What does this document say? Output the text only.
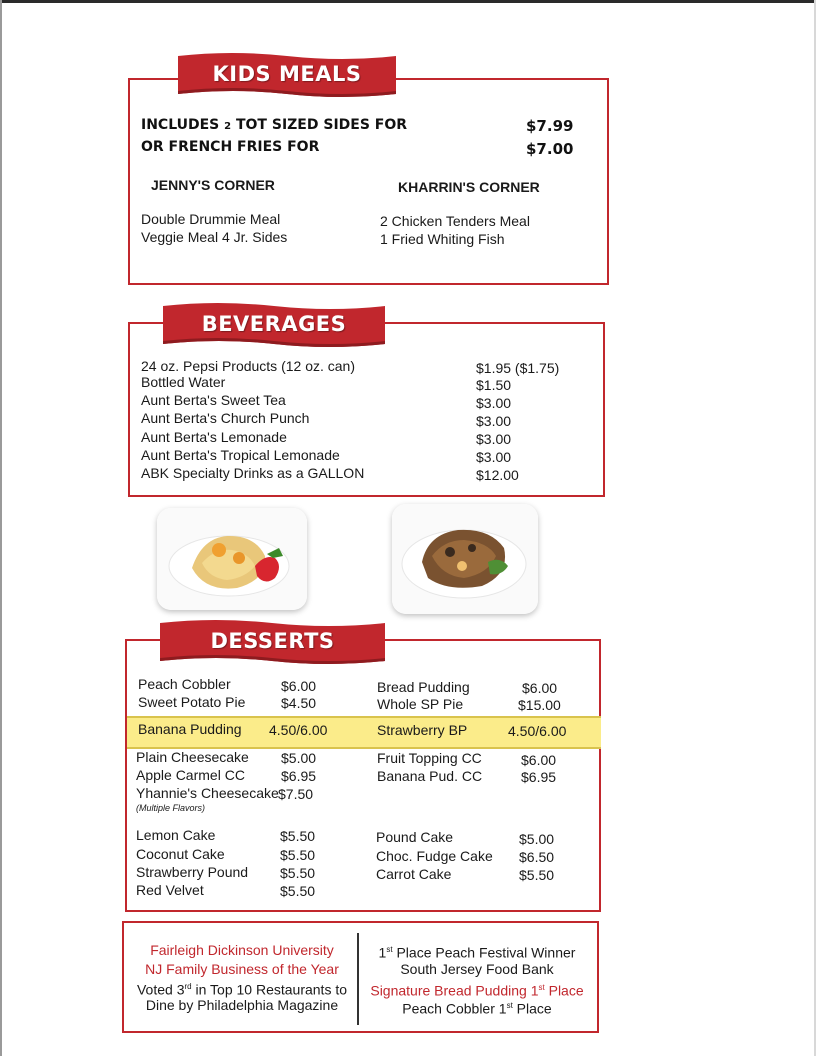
KIDS MEALS
INCLUDES 2 TOT SIZED SIDES FOR	$7.99
OR FRENCH FRIES FOR	$7.00
JENNY'S CORNER	KHARRIN'S CORNER
Double Drummie Meal
Veggie Meal 4 Jr. Sides
2 Chicken Tenders Meal
1 Fried Whiting Fish
BEVERAGES
24 oz. Pepsi Products (12 oz. can)	$1.95 ($1.75)
Bottled Water	$1.50
Aunt Berta's Sweet Tea	$3.00
Aunt Berta's Church Punch	$3.00
Aunt Berta's Lemonade	$3.00
Aunt Berta's Tropical Lemonade	$3.00
ABK Specialty Drinks as a GALLON	$12.00
DESSERTS
Peach Cobbler	$6.00
Sweet Potato Pie	$4.50
Banana Pudding 4.50/6.00
Plain Cheesecake $5.00
Apple Carmel CC	$6.95
Yhannie's Cheesecake $7.50
(Multiple Flavors)
Lemon Cake	$5.50
Coconut Cake	$5.50
Strawberry Pound $5.50
Red Velvet	$5.50
Bread Pudding	$6.00
Whole SP Pie	$15.00
Strawberry BP	4.50/6.00
Fruit Topping CC	$6.00
Banana Pud. CC	$6.95
Pound Cake	$5.00
Choc. Fudge Cake $6.50
Carrot Cake	$5.50
Fairleigh Dickinson University
NJ Family Business of the Year
Voted 3rd in Top 10 Restaurants to
Dine by Philadelphia Magazine
1st Place Peach Festival Winner
South Jersey Food Bank
Signature Bread Pudding 1st Place
Peach Cobbler 1st Place
